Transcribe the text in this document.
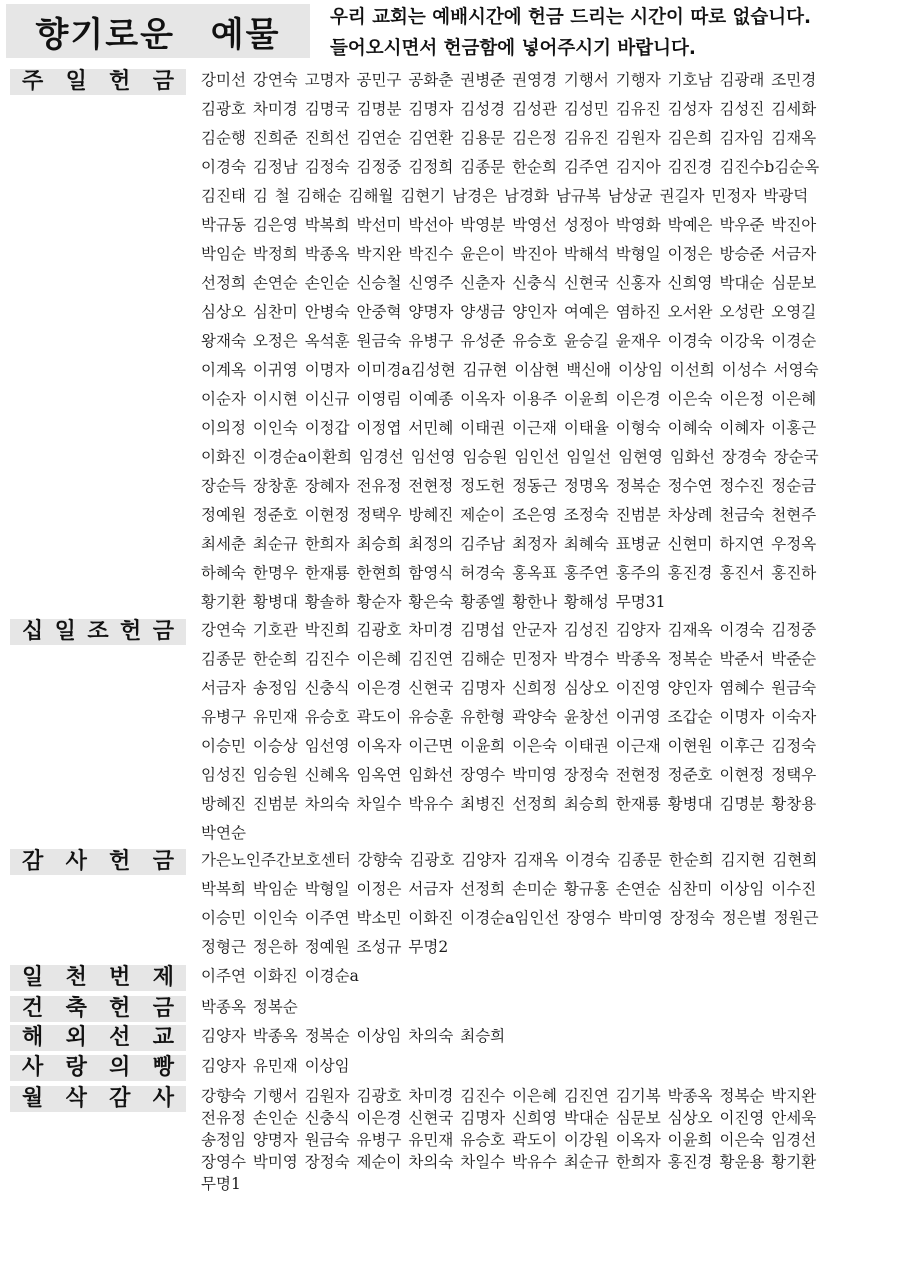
향기로운 예물	우리 교회는 예배시간에 헌금 드리는 시간이 따로 없습니다.
들어오시면서 헌금함에 넣어주시기 바랍니다.
주 일 헌 금 강미선 강연숙 고명자 공민구 공화춘 권병준 권영경 기행서 기행자 기호남 김광래 조민경
김광호 차미경 김명국 김명분 김명자 김성경 김성관 김성민 김유진 김성자 김성진 김세화
김순행 진희준 진희선 김연순 김연환 김용문 김은정 김유진 김원자 김은희 김자임 김재옥
이경숙 김정남 김정숙 김정중 김정희 김종문 한순희 김주연 김지아 김진경 김진수b김순옥
김진태 김 철 김해순 김해월 김현기 남경은 남경화 남규복 남상균 권길자 민정자 박광덕
박규동 김은영 박복희 박선미 박선아 박영분 박영선 성정아 박영화 박예은 박우준 박진아
박임순 박정희 박종옥 박지완 박진수 윤은이 박진아 박해석 박형일 이정은 방승준 서금자
선정희 손연순 손인순 신승철 신영주 신춘자 신충식 신현국 신홍자 신희영 박대순 심문보
심상오 심찬미 안병숙 안중혁 양명자 양생금 양인자 여예은 염하진 오서완 오성란 오영길
왕재숙 오정은 옥석훈 원금숙 유병구 유성준 유승호 윤승길 윤재우 이경숙 이강욱 이경순
이계옥 이귀영 이명자 이미경a김성현 김규현 이삼현 백신애 이상임 이선희 이성수 서영숙
이순자 이시현 이신규 이영림 이예종 이옥자 이용주 이윤희 이은경 이은숙 이은정 이은혜
이의정 이인숙 이정갑 이정엽 서민혜 이태권 이근재 이태율 이형숙 이혜숙 이혜자 이홍근
이화진 이경순a이환희 임경선 임선영 임승원 임인선 임일선 임현영 임화선 장경숙 장순국
장순득 장창훈 장혜자 전유정 전현정 정도헌 정동근 정명옥 정복순 정수연 정수진 정순금
정예원 정준호 이현정 정택우 방혜진 제순이 조은영 조정숙 진범분 차상례 천금숙 천현주
최세춘 최순규 한희자 최승희 최정의 김주남 최정자 최혜숙 표병균 신현미 하지연 우정옥
하혜숙 한명우 한재룡 한현희 함영식 허경숙 홍옥표 홍주연 홍주의 홍진경 홍진서 홍진하
황기환 황병대 황솔하 황순자 황은숙 황종엘 황한나 황해성 무명31
십 일 조 헌 금 강연숙 기호관 박진희 김광호 차미경 김명섭 안군자 김성진 김양자 김재옥 이경숙 김정중
김종문 한순희 김진수 이은혜 김진연 김해순 민정자 박경수 박종옥 정복순 박준서 박준순
서금자 송정임 신충식 이은경 신현국 김명자 신희정 심상오 이진영 양인자 염혜수 원금숙
유병구 유민재 유승호 곽도이 유승훈 유한형 곽양숙 윤창선 이귀영 조갑순 이명자 이숙자
이승민 이승상 임선영 이옥자 이근면 이윤희 이은숙 이태권 이근재 이현원 이후근 김정숙
임성진 임승원 신혜옥 임옥연 임화선 장영수 박미영 장정숙 전현정 정준호 이현정 정택우
방혜진 진범분 차의숙 차일수 박유수 최병진 선정희 최승희 한재룡 황병대 김명분 황창용
박연순
감 사 헌 금 가은노인주간보호센터 강향숙 김광호 김양자 김재옥 이경숙 김종문 한순희 김지현 김현희
박복희 박임순 박형일 이정은 서금자 선정희 손미순 황규홍 손연순 심찬미 이상임 이수진
이승민 이인숙 이주연 박소민 이화진 이경순a임인선 장영수 박미영 장정숙 정은별 정원근
정형근 정은하 정예원 조성규 무명2
일 천 번 제 이주연 이화진 이경순a
건 축 헌 금 박종옥 정복순
해 외 선 교 김양자 박종옥 정복순 이상임 차의숙 최승희
사 랑 의 빵 김양자 유민재 이상임
월 삭 감 사 강향숙 기행서 김원자 김광호 차미경 김진수 이은혜 김진연 김기복 박종옥 정복순 박지완
전유정 손인순 신충식 이은경 신현국 김명자 신희영 박대순 심문보 심상오 이진영 안세욱
송정임 양명자 원금숙 유병구 유민재 유승호 곽도이 이강원 이옥자 이윤희 이은숙 임경선
장영수 박미영 장정숙 제순이 차의숙 차일수 박유수 최순규 한희자 홍진경 황운용 황기환
무명1
